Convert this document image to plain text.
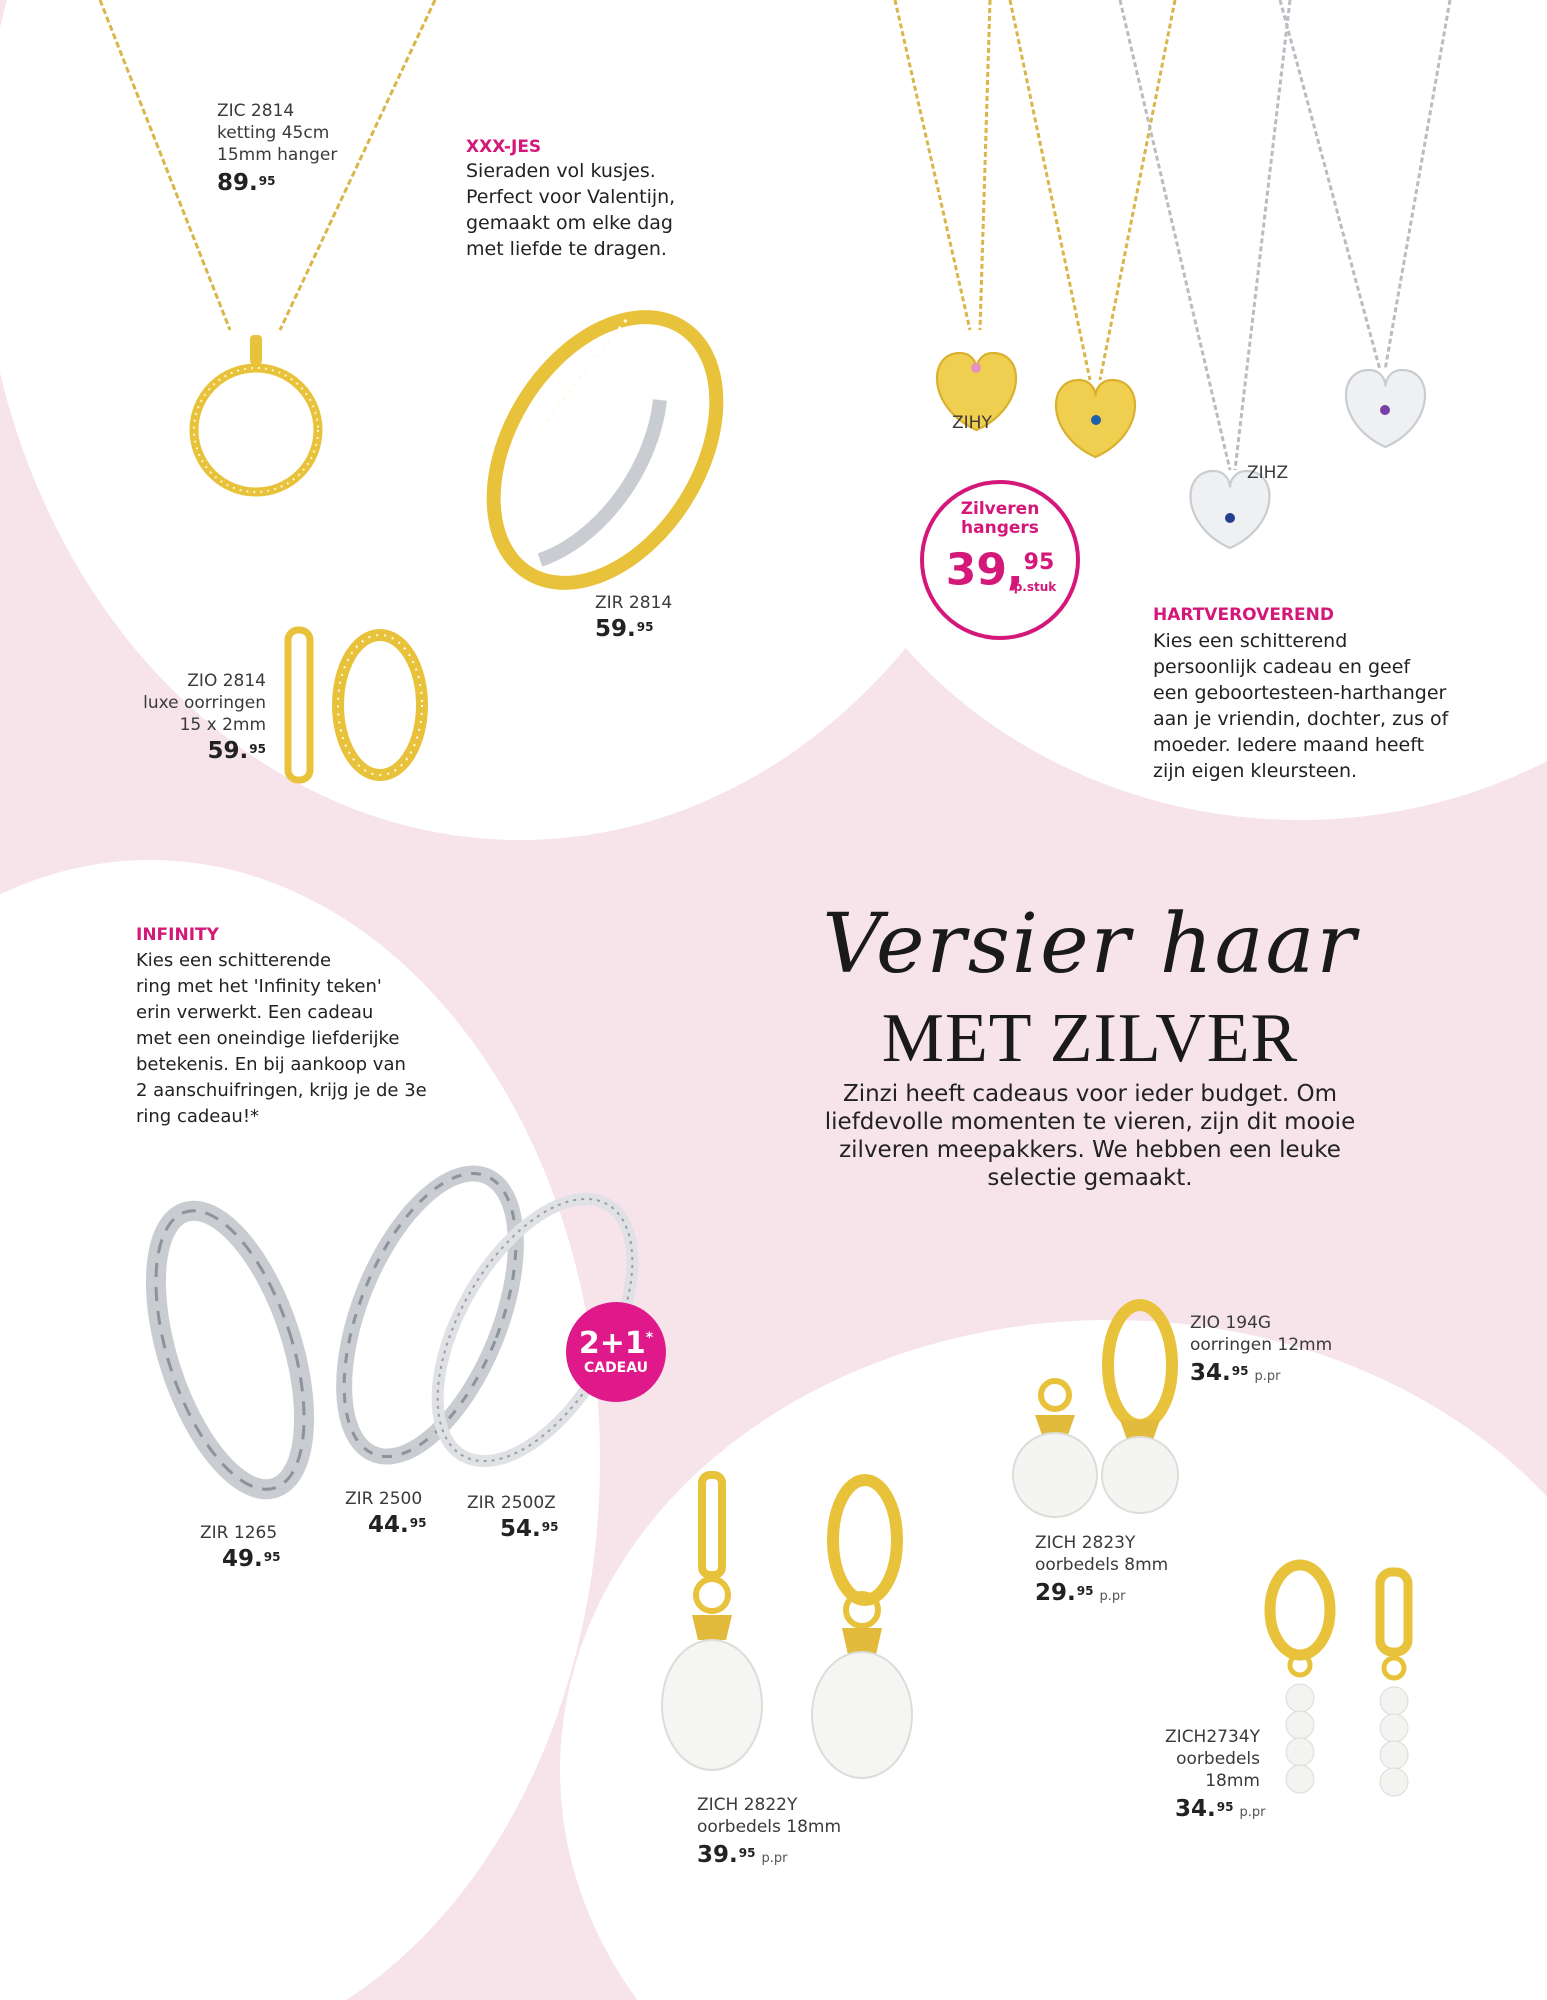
ZIC 2814
ketting 45cm
15mm hanger
89.95
XXX-JES
Sieraden vol kusjes.
Perfect voor Valentijn,
gemaakt om elke dag
met liefde te dragen.
ZIR 2814
59.95
ZIO 2814
luxe oorringen
15 x 2mm
59.95
ZIHY
ZIHZ
Zilveren
hangers
39,95
p.stuk
HARTVEROVEREND
Kies een schitterend
persoonlijk cadeau en geef
een geboortesteen-harthanger
aan je vriendin, dochter, zus of
moeder. Iedere maand heeft
zijn eigen kleursteen.
Versier haar
MET ZILVER
Zinzi heeft cadeaus voor ieder budget. Om
liefdevolle momenten te vieren, zijn dit mooie
zilveren meepakkers. We hebben een leuke
selectie gemaakt.
INFINITY
Kies een schitterende
ring met het 'Infinity teken'
erin verwerkt. Een cadeau
met een oneindige liefderijke
betekenis. En bij aankoop van
2 aanschuifringen, krijg je de 3e
ring cadeau!*
ZIR 1265
49.95
ZIR 2500
44.95
ZIR 2500Z
54.95
2+1*
CADEAU
ZIO 194G
oorringen 12mm
34.95 p.pr
ZICH 2823Y
oorbedels 8mm
29.95 p.pr
ZICH 2822Y
oorbedels 18mm
39.95 p.pr
ZICH2734Y
oorbedels
18mm
34.95 p.pr
